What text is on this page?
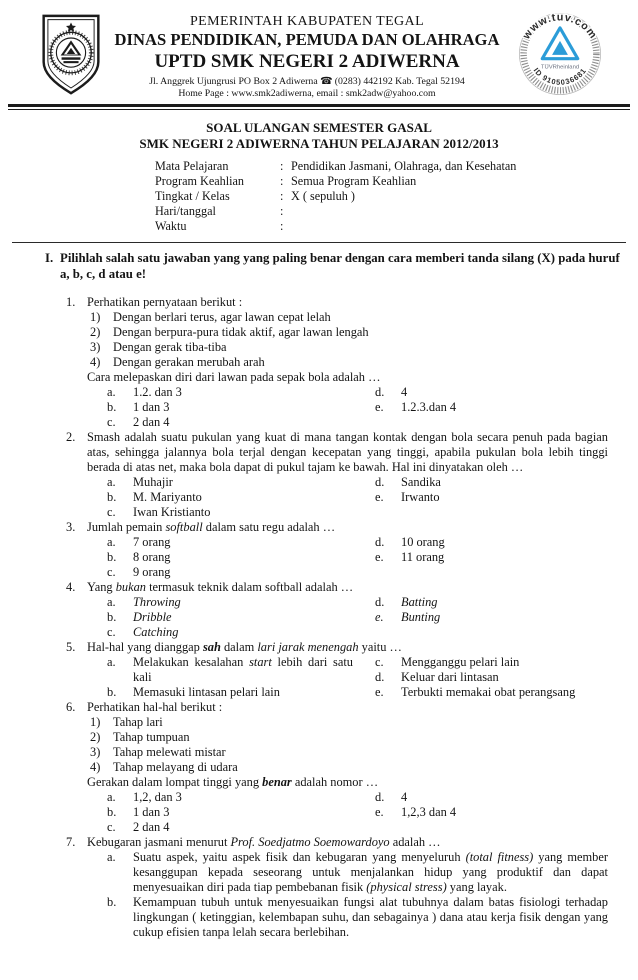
PEMERINTAH KABUPATEN TEGAL
DINAS PENDIDIKAN, PEMUDA DAN OLAHRAGA
UPTD SMK NEGERI 2 ADIWERNA
Jl. Anggrek Ujungrusi PO Box 2 Adiwerna ☎ (0283) 442192 Kab. Tegal 52194
Home Page : www.smk2adiwerna, email : smk2adw@yahoo.com
www.tuv.com
TÜVRheinland
ID 9105036681
SOAL ULANGAN SEMESTER GASAL
SMK NEGERI 2 ADIWERNA TAHUN PELAJARAN 2012/2013
Mata Pelajaran	: Pendidikan Jasmani, Olahraga, dan Kesehatan
Program Keahlian	: Semua Program Keahlian
Tingkat / Kelas	: X ( sepuluh )
Hari/tanggal	:
Waktu	:
I. Pilihlah salah satu jawaban yang yang paling benar dengan cara memberi tanda silang (X) pada huruf a, b, c, d atau e!
1. Perhatikan pernyataan berikut :
1)	Dengan berlari terus, agar lawan cepat lelah
2)	Dengan berpura-pura tidak aktif, agar lawan lengah
3)	Dengan gerak tiba-tiba
4)	Dengan gerakan merubah arah
Cara melepaskan diri dari lawan pada sepak bola adalah …
a.	1.2. dan 3
b.	1 dan 3
c.	2 dan 4
d.	4
e.	1.2.3.dan 4
2. Smash adalah suatu pukulan yang kuat di mana tangan kontak dengan bola secara penuh pada bagian atas, sehingga jalannya bola terjal dengan kecepatan yang tinggi, apabila pukulan bola lebih tinggi berada di atas net, maka bola dapat di pukul tajam ke bawah. Hal ini dinyatakan oleh …
a.	Muhajir
b.	M. Mariyanto
c.	Iwan Kristianto
d.	Sandika
e.	Irwanto
3. Jumlah pemain softball dalam satu regu adalah …
a.	7 orang
b.	8 orang
c.	9 orang
d.	10 orang
e.	11 orang
4. Yang bukan termasuk teknik dalam softball adalah …
a.	Throwing
b.	Dribble
c.	Catching
d.	Batting
e.	Bunting
5. Hal-hal yang dianggap sah dalam lari jarak menengah yaitu …
a.	Melakukan kesalahan start lebih dari satu kali
b.	Memasuki lintasan pelari lain
c.	Mengganggu pelari lain
d.	Keluar dari lintasan
e.	Terbukti memakai obat perangsang
6. Perhatikan hal-hal berikut :
1)	Tahap lari
2)	Tahap tumpuan
3)	Tahap melewati mistar
4)	Tahap melayang di udara
Gerakan dalam lompat tinggi yang benar adalah nomor …
a.	1,2, dan 3
b.	1 dan 3
c.	2 dan 4
d.	4
e.	1,2,3 dan 4
7. Kebugaran jasmani menurut Prof. Soedjatmo Soemowardoyo adalah …
a.	Suatu aspek, yaitu aspek fisik dan kebugaran yang menyeluruh (total fitness) yang member kesanggupan kepada seseorang untuk menjalankan hidup yang produktif dan dapat menyesuaikan diri pada tiap pembebanan fisik (physical stress) yang layak.
b.	Kemampuan tubuh untuk menyesuaikan fungsi alat tubuhnya dalam batas fisiologi terhadap lingkungan ( ketinggian, kelembapan suhu, dan sebagainya ) dana atau kerja fisik dengan yang cukup efisien tanpa lelah secara berlebihan.
